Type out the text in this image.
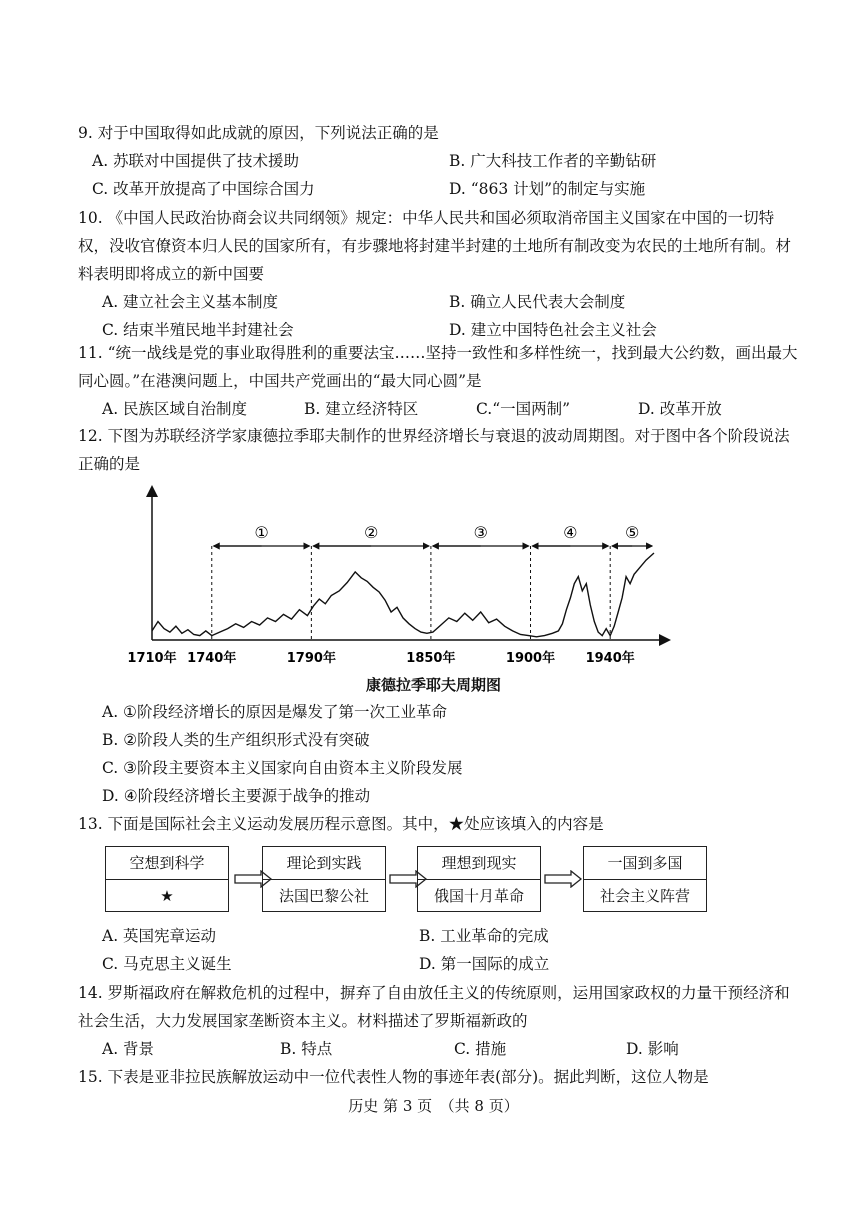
9. 对于中国取得如此成就的原因，下列说法正确的是
A. 苏联对中国提供了技术援助	B. 广大科技工作者的辛勤钻研
C. 改革开放提高了中国综合国力	D. “863 计划”的制定与实施
10. 《中国人民政治协商会议共同纲领》规定：中华人民共和国必须取消帝国主义国家在中国的一切特权，没收官僚资本归人民的国家所有，有步骤地将封建半封建的土地所有制改变为农民的土地所有制。材料表明即将成立的新中国要
A. 建立社会主义基本制度	B. 确立人民代表大会制度
C. 结束半殖民地半封建社会	D. 建立中国特色社会主义社会
11. “统一战线是党的事业取得胜利的重要法宝……坚持一致性和多样性统一，找到最大公约数，画出最大同心圆。”在港澳问题上，中国共产党画出的“最大同心圆”是
A. 民族区域自治制度	B. 建立经济特区	C.“一国两制”	D. 改革开放
12. 下图为苏联经济学家康德拉季耶夫制作的世界经济增长与衰退的波动周期图。对于图中各个阶段说法正确的是
①	②	③	④	⑤
1710年 1740年	1790年	1850年	1900年 1940年
康德拉季耶夫周期图
A. ①阶段经济增长的原因是爆发了第一次工业革命
B. ②阶段人类的生产组织形式没有突破
C. ③阶段主要资本主义国家向自由资本主义阶段发展
D. ④阶段经济增长主要源于战争的推动
13. 下面是国际社会主义运动发展历程示意图。其中，★处应该填入的内容是
空想到科学
★
理论到实践
法国巴黎公社
理想到现实
俄国十月革命
一国到多国
社会主义阵营
A. 英国宪章运动	B. 工业革命的完成
C. 马克思主义诞生	D. 第一国际的成立
14. 罗斯福政府在解救危机的过程中，摒弃了自由放任主义的传统原则，运用国家政权的力量干预经济和社会生活，大力发展国家垄断资本主义。材料描述了罗斯福新政的
A. 背景	B. 特点	C. 措施	D. 影响
15. 下表是亚非拉民族解放运动中一位代表性人物的事迹年表(部分)。据此判断，这位人物是
历史 第 3 页　（共 8 页）
